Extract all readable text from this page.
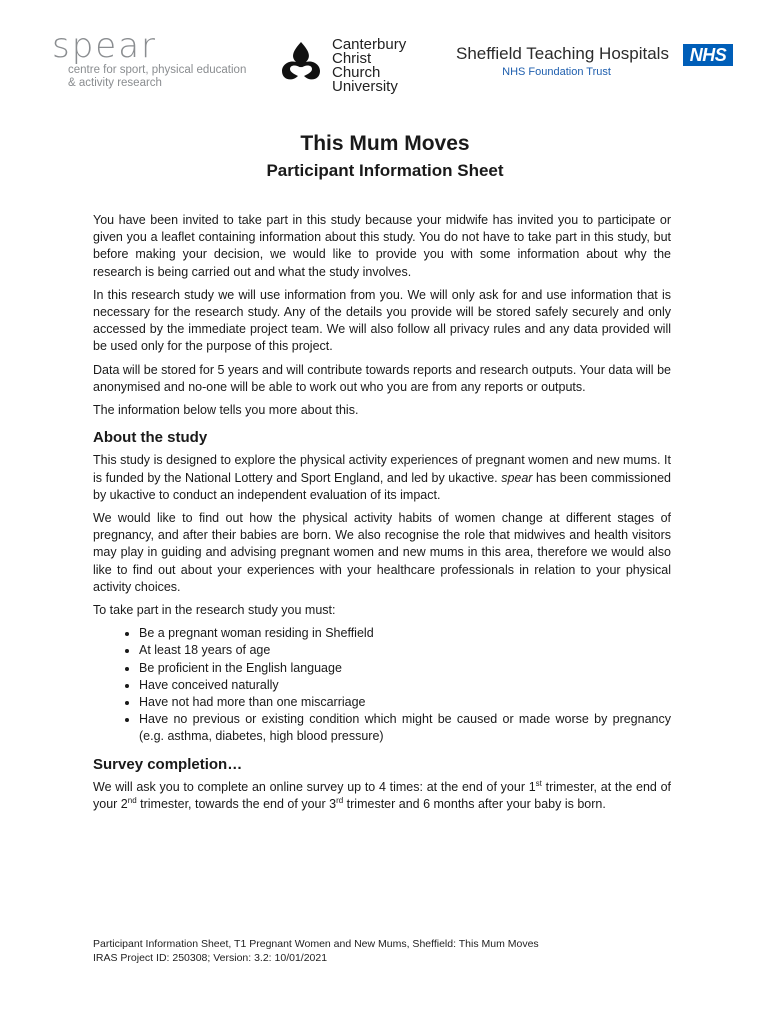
spear
centre for sport, physical education
& activity research
Canterbury
Christ Church
University
Sheffield Teaching Hospitals
NHS Foundation Trust
NHS
This Mum Moves
Participant Information Sheet

You have been invited to take part in this study because your midwife has invited you to participate or given you a leaflet containing information about this study. You do not have to take part in this study, but before making your decision, we would like to provide you with some information about why the research is being carried out and what the study involves.

In this research study we will use information from you. We will only ask for and use information that is necessary for the research study. Any of the details you provide will be stored safely securely and only accessed by the immediate project team. We will also follow all privacy rules and any data provided will be used only for the purpose of this project.

Data will be stored for 5 years and will contribute towards reports and research outputs. Your data will be anonymised and no-one will be able to work out who you are from any reports or outputs.

The information below tells you more about this.

About the study

This study is designed to explore the physical activity experiences of pregnant women and new mums. It is funded by the National Lottery and Sport England, and led by ukactive. spear has been commissioned by ukactive to conduct an independent evaluation of its impact.

We would like to find out how the physical activity habits of women change at different stages of pregnancy, and after their babies are born. We also recognise the role that midwives and health visitors may play in guiding and advising pregnant women and new mums in this area, therefore we would also like to find out about your experiences with your healthcare professionals in relation to your physical activity choices.

To take part in the research study you must:

• Be a pregnant woman residing in Sheffield
• At least 18 years of age
• Be proficient in the English language
• Have conceived naturally
• Have not had more than one miscarriage
• Have no previous or existing condition which might be caused or made worse by pregnancy (e.g. asthma, diabetes, high blood pressure)
Survey completion…

We will ask you to complete an online survey up to 4 times: at the end of your 1st trimester, at the end of your 2nd trimester, towards the end of your 3rd trimester and 6 months after your baby is born.

Participant Information Sheet, T1 Pregnant Women and New Mums, Sheffield: This Mum Moves
IRAS Project ID: 250308; Version: 3.2: 10/01/2021
